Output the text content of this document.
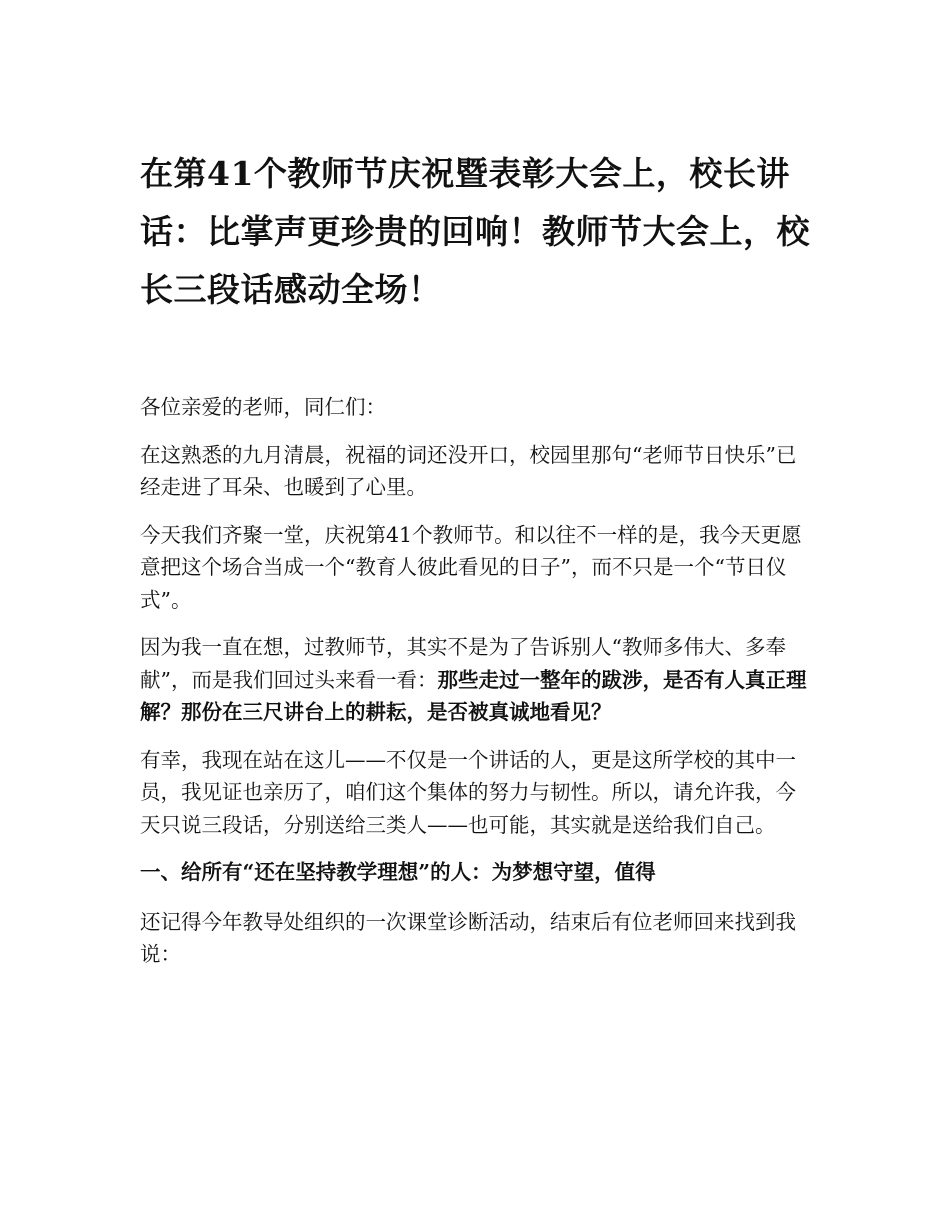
在第41个教师节庆祝暨表彰大会上，校长讲话：比掌声更珍贵的回响！教师节大会上，校长三段话感动全场！

各位亲爱的老师，同仁们：

在这熟悉的九月清晨，祝福的词还没开口，校园里那句“老师节日快乐”已经走进了耳朵、也暖到了心里。

今天我们齐聚一堂，庆祝第41个教师节。和以往不一样的是，我今天更愿意把这个场合当成一个“教育人彼此看见的日子”，而不只是一个“节日仪式”。

因为我一直在想，过教师节，其实不是为了告诉别人“教师多伟大、多奉献”，而是我们回过头来看一看：那些走过一整年的跋涉，是否有人真正理解？那份在三尺讲台上的耕耘，是否被真诚地看见？

有幸，我现在站在这儿——不仅是一个讲话的人，更是这所学校的其中一员，我见证也亲历了，咱们这个集体的努力与韧性。所以，请允许我，今天只说三段话，分别送给三类人——也可能，其实就是送给我们自己。

一、给所有“还在坚持教学理想”的人：为梦想守望，值得

还记得今年教导处组织的一次课堂诊断活动，结束后有位老师回来找到我说：
